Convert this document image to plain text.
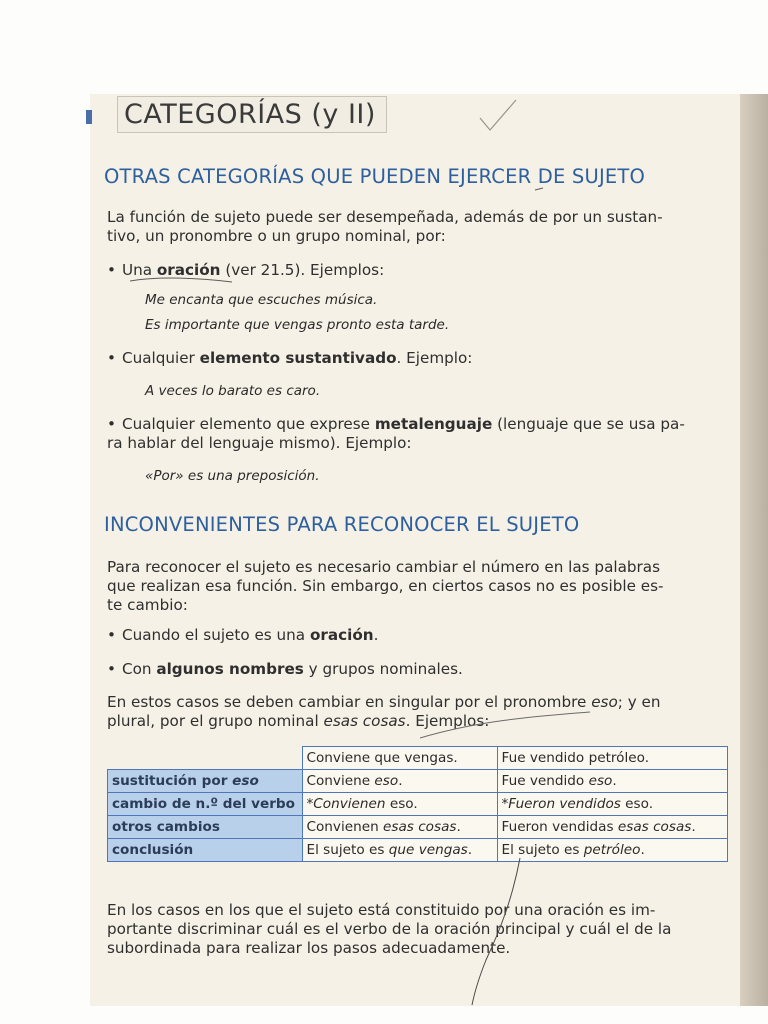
CATEGORÍAS (y II)
OTRAS CATEGORÍAS QUE PUEDEN EJERCER DE SUJETO
La función de sujeto puede ser desempeñada, además de por un sustan-
tivo, un pronombre o un grupo nominal, por:
• Una oración (ver 21.5). Ejemplos:
Me encanta que escuches música.
Es importante que vengas pronto esta tarde.
• Cualquier elemento sustantivado. Ejemplo:
A veces lo barato es caro.
• Cualquier elemento que exprese metalenguaje (lenguaje que se usa pa-
ra hablar del lenguaje mismo). Ejemplo:
«Por» es una preposición.
INCONVENIENTES PARA RECONOCER EL SUJETO
Para reconocer el sujeto es necesario cambiar el número en las palabras
que realizan esa función. Sin embargo, en ciertos casos no es posible es-
te cambio:
• Cuando el sujeto es una oración.
• Con algunos nombres y grupos nominales.
En estos casos se deben cambiar en singular por el pronombre eso; y en
plural, por el grupo nominal esas cosas. Ejemplos:
	Conviene que vengas.	Fue vendido petróleo.
sustitución por eso	Conviene eso.	Fue vendido eso.
cambio de n.º del verbo	*Convienen eso.	*Fueron vendidos eso.
otros cambios	Convienen esas cosas.	Fueron vendidas esas cosas.
conclusión	El sujeto es que vengas.	El sujeto es petróleo.
En los casos en los que el sujeto está constituido por una oración es im-
portante discriminar cuál es el verbo de la oración principal y cuál el de la
subordinada para realizar los pasos adecuadamente.
